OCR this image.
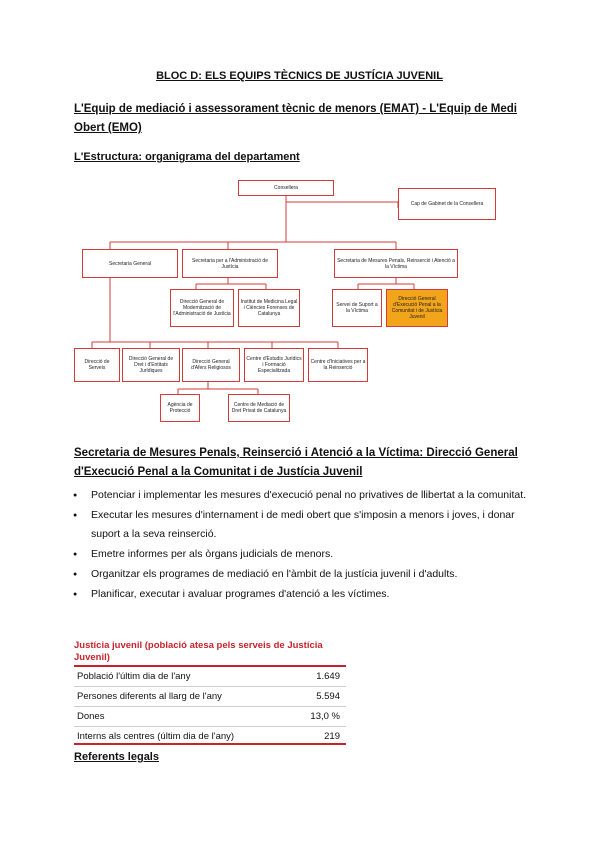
BLOC D: ELS EQUIPS TÈCNICS DE JUSTÍCIA JUVENIL
L'Equip de mediació i assessorament tècnic de menors (EMAT) - L'Equip de Medi Obert (EMO)
L'Estructura: organigrama del departament
Consellera
Cap de Gabinet de la Consellera
Secretaria General	Secretaria per a l'Administració de Justícia
Secretaria de Mesures Penals, Reinserció i Atenció a la Víctima
Direcció General de Modernització de l'Administració de Justícia
Institut de Medicina Legal i Ciències Forenses de Catalunya
Servei de Suport a la Víctima
Direcció General d'Execució Penal a la Comunitat i de Justícia Juvenil
Direcció de Serveis
Direcció General de Dret i d'Entitats Jurídiques
Direcció General d'Afers Religiosos
Centre d'Estudis Jurídics i Formació Especialitzada
Centre d'Iniciatives per a la Reinserció
Agència de Protecció
Centre de Mediació de Dret Privat de Catalunya
Secretaria de Mesures Penals, Reinserció i Atenció a la Víctima: Direcció General d'Execució Penal a la Comunitat i de Justícia Juvenil
● Potenciar i implementar les mesures d'execució penal no privatives de llibertat a la comunitat.
● Executar les mesures d'internament i de medi obert que s'imposin a menors i joves, i donar suport a la seva reinserció.
● Emetre informes per als òrgans judicials de menors.
● Organitzar els programes de mediació en l'àmbit de la justícia juvenil i d'adults.
● Planificar, executar i avaluar programes d'atenció a les víctimes.
Justícia juvenil (població atesa pels serveis de Justícia Juvenil)
Població l'últim dia de l'any	1.649
Persones diferents al llarg de l'any	5.594
Dones	13,0 %
Interns als centres (últim dia de l'any)	219
Referents legals
